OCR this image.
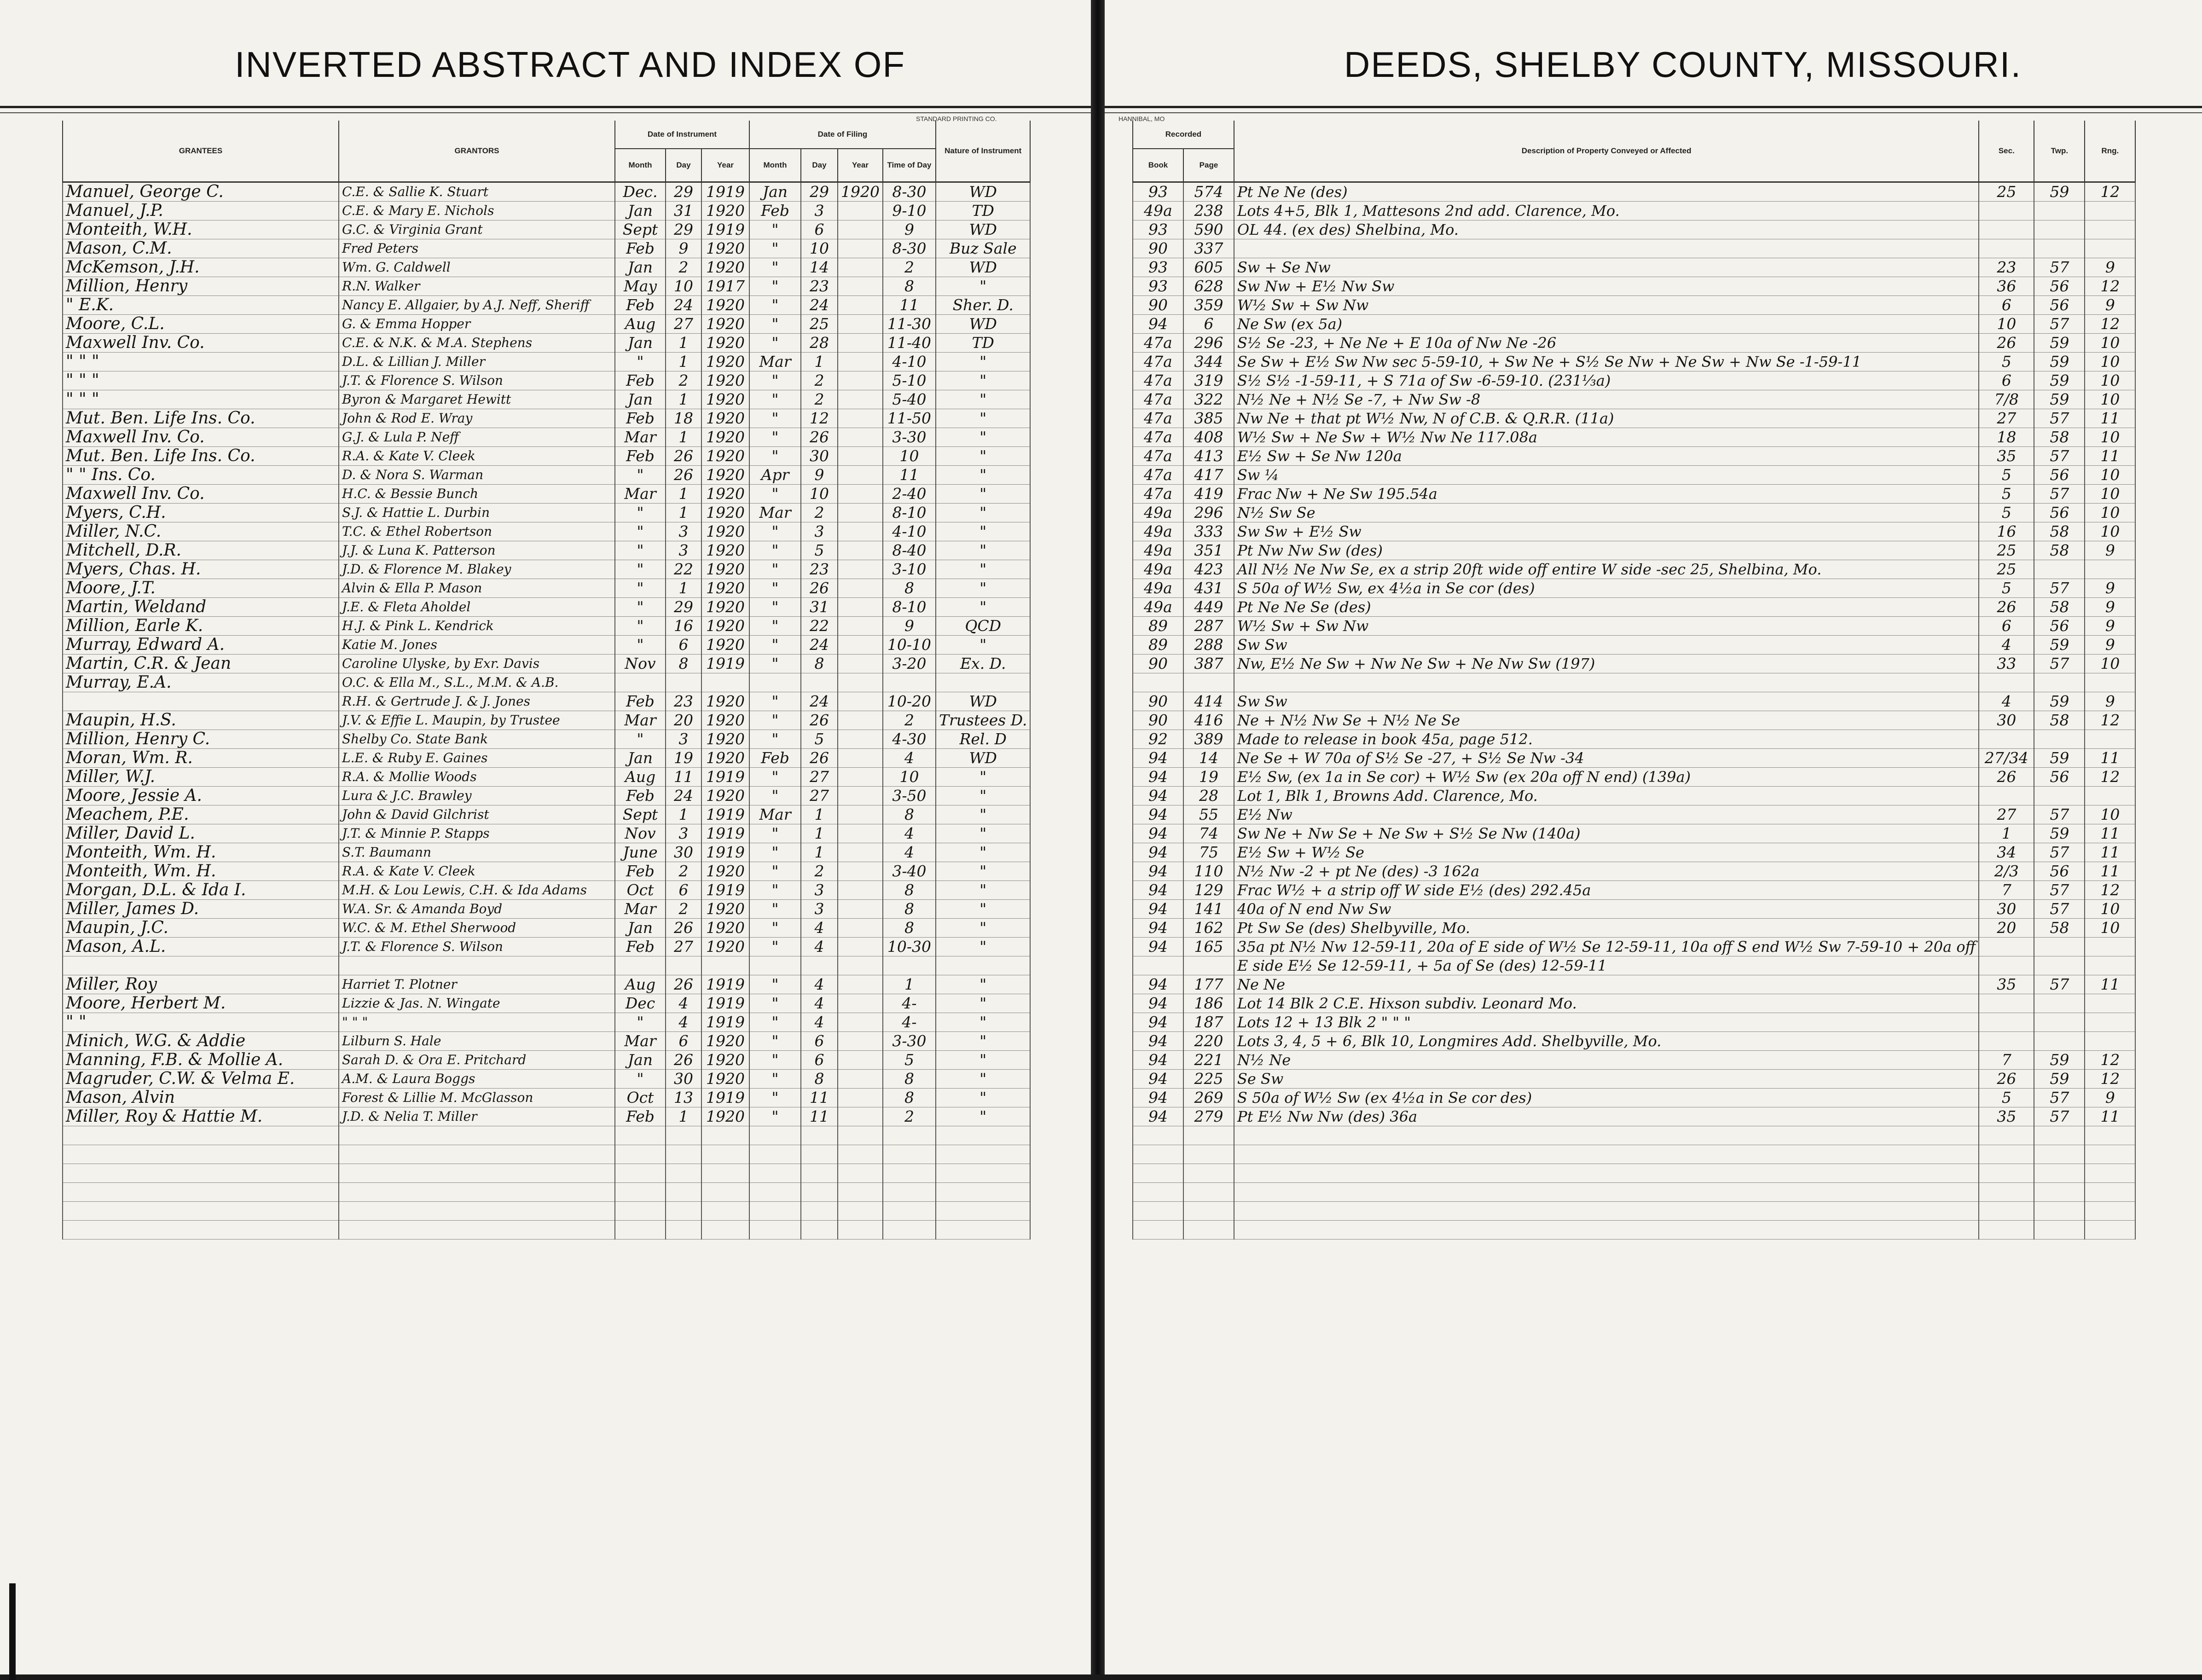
INVERTED ABSTRACT AND INDEX OF
STANDARD PRINTING CO.
GRANTEES	GRANTORS	Date of Instrument			Date of Filing				Nature of Instrument
		Month	Day	Year	Month	Day	Year	Time of Day	
Manuel, George C.	C.E. & Sallie K. Stuart	Dec.	29	1919	Jan	29	1920	8-30	WD
Manuel, J.P.	C.E. & Mary E. Nichols	Jan	31	1920	Feb	3		9-10	TD
Monteith, W.H.	G.C. & Virginia Grant	Sept	29	1919	"	6		9	WD
Mason, C.M.	Fred Peters	Feb	9	1920	"	10		8-30	Buz Sale
McKemson, J.H.	Wm. G. Caldwell	Jan	2	1920	"	14		2	WD
Million, Henry	R.N. Walker	May	10	1917	"	23		8	"
" E.K.	Nancy E. Allgaier, by A.J. Neff, Sheriff	Feb	24	1920	"	24		11	Sher. D.
Moore, C.L.	G. & Emma Hopper	Aug	27	1920	"	25		11-30	WD
Maxwell Inv. Co.	C.E. & N.K. & M.A. Stephens	Jan	1	1920	"	28		11-40	TD
" " "	D.L. & Lillian J. Miller	"	1	1920	Mar	1		4-10	"
" " "	J.T. & Florence S. Wilson	Feb	2	1920	"	2		5-10	"
" " "	Byron & Margaret Hewitt	Jan	1	1920	"	2		5-40	"
Mut. Ben. Life Ins. Co.	John & Rod E. Wray	Feb	18	1920	"	12		11-50	"
Maxwell Inv. Co.	G.J. & Lula P. Neff	Mar	1	1920	"	26		3-30	"
Mut. Ben. Life Ins. Co.	R.A. & Kate V. Cleek	Feb	26	1920	"	30		10	"
" " Ins. Co.	D. & Nora S. Warman	"	26	1920	Apr	9		11	"
Maxwell Inv. Co.	H.C. & Bessie Bunch	Mar	1	1920	"	10		2-40	"
Myers, C.H.	S.J. & Hattie L. Durbin	"	1	1920	Mar	2		8-10	"
Miller, N.C.	T.C. & Ethel Robertson	"	3	1920	"	3		4-10	"
Mitchell, D.R.	J.J. & Luna K. Patterson	"	3	1920	"	5		8-40	"
Myers, Chas. H.	J.D. & Florence M. Blakey	"	22	1920	"	23		3-10	"
Moore, J.T.	Alvin & Ella P. Mason	"	1	1920	"	26		8	"
Martin, Weldand	J.E. & Fleta Aholdel	"	29	1920	"	31		8-10	"
Million, Earle K.	H.J. & Pink L. Kendrick	"	16	1920	"	22		9	QCD
Murray, Edward A.	Katie M. Jones	"	6	1920	"	24		10-10	"
Martin, C.R. & Jean	Caroline Ulyske, by Exr. Davis	Nov	8	1919	"	8		3-20	Ex. D.
Murray, E.A.	O.C. & Ella M., S.L., M.M. & A.B.								
	R.H. & Gertrude J. & J. Jones	Feb	23	1920	"	24		10-20	WD
Maupin, H.S.	J.V. & Effie L. Maupin, by Trustee	Mar	20	1920	"	26		2	Trustees D.
Million, Henry C.	Shelby Co. State Bank	"	3	1920	"	5		4-30	Rel. D
Moran, Wm. R.	L.E. & Ruby E. Gaines	Jan	19	1920	Feb	26		4	WD
Miller, W.J.	R.A. & Mollie Woods	Aug	11	1919	"	27		10	"
Moore, Jessie A.	Lura & J.C. Brawley	Feb	24	1920	"	27		3-50	"
Meachem, P.E.	John & David Gilchrist	Sept	1	1919	Mar	1		8	"
Miller, David L.	J.T. & Minnie P. Stapps	Nov	3	1919	"	1		4	"
Monteith, Wm. H.	S.T. Baumann	June	30	1919	"	1		4	"
Monteith, Wm. H.	R.A. & Kate V. Cleek	Feb	2	1920	"	2		3-40	"
Morgan, D.L. & Ida I.	M.H. & Lou Lewis, C.H. & Ida Adams	Oct	6	1919	"	3		8	"
Miller, James D.	W.A. Sr. & Amanda Boyd	Mar	2	1920	"	3		8	"
Maupin, J.C.	W.C. & M. Ethel Sherwood	Jan	26	1920	"	4		8	"
Mason, A.L.	J.T. & Florence S. Wilson	Feb	27	1920	"	4		10-30	"

Miller, Roy	Harriet T. Plotner	Aug	26	1919	"	4		1	"
Moore, Herbert M.	Lizzie & Jas. N. Wingate	Dec	4	1919	"	4		4-	"
" "	" " "	"	4	1919	"	4		4-	"
Minich, W.G. & Addie	Lilburn S. Hale	Mar	6	1920	"	6		3-30	"
Manning, F.B. & Mollie A.	Sarah D. & Ora E. Pritchard	Jan	26	1920	"	6		5	"
Magruder, C.W. & Velma E.	A.M. & Laura Boggs	"	30	1920	"	8		8	"
Mason, Alvin	Forest & Lillie M. McGlasson	Oct	13	1919	"	11		8	"
Miller, Roy & Hattie M.	J.D. & Nelia T. Miller	Feb	1	1920	"	11		2	"

DEEDS, SHELBY COUNTY, MISSOURI.
HANNIBAL, MO
Recorded		Description of Property Conveyed or Affected	Sec.	Twp.	Rng.
Book	Page				
93	574	Pt Ne Ne (des)	25	59	12
49a	238	Lots 4+5, Blk 1, Mattesons 2nd add. Clarence, Mo.			
93	590	OL 44. (ex des) Shelbina, Mo.			
90	337				
93	605	Sw + Se Nw	23	57	9
93	628	Sw Nw + E½ Nw Sw	36	56	12
90	359	W½ Sw + Sw Nw	6	56	9
94	6	Ne Sw (ex 5a)	10	57	12
47a	296	S½ Se -23, + Ne Ne + E 10a of Nw Ne -26	26	59	10
47a	344	Se Sw + E½ Sw Nw sec 5-59-10, + Sw Ne + S½ Se Nw + Ne Sw + Nw Se -1-59-11	5	59	10
47a	319	S½ S½ -1-59-11, + S 71a of Sw -6-59-10. (231⅓a)	6	59	10
47a	322	N½ Ne + N½ Se -7, + Nw Sw -8	7/8	59	10
47a	385	Nw Ne + that pt W½ Nw, N of C.B. & Q.R.R. (11a)	27	57	11
47a	408	W½ Sw + Ne Sw + W½ Nw Ne 117.08a	18	58	10
47a	413	E½ Sw + Se Nw 120a	35	57	11
47a	417	Sw ¼	5	56	10
47a	419	Frac Nw + Ne Sw 195.54a	5	57	10
49a	296	N½ Sw Se	5	56	10
49a	333	Sw Sw + E½ Sw	16	58	10
49a	351	Pt Nw Nw Sw (des)	25	58	9
49a	423	All N½ Ne Nw Se, ex a strip 20ft wide off entire W side -sec 25, Shelbina, Mo.	25		
49a	431	S 50a of W½ Sw, ex 4½a in Se cor (des)	5	57	9
49a	449	Pt Ne Ne Se (des)	26	58	9
89	287	W½ Sw + Sw Nw	6	56	9
89	288	Sw Sw	4	59	9
90	387	Nw, E½ Ne Sw + Nw Ne Sw + Ne Nw Sw (197)	33	57	10

90	414	Sw Sw	4	59	9
90	416	Ne + N½ Nw Se + N½ Ne Se	30	58	12
92	389	Made to release in book 45a, page 512.			
94	14	Ne Se + W 70a of S½ Se -27, + S½ Se Nw -34	27/34	59	11
94	19	E½ Sw, (ex 1a in Se cor) + W½ Sw (ex 20a off N end) (139a)	26	56	12
94	28	Lot 1, Blk 1, Browns Add. Clarence, Mo.			
94	55	E½ Nw	27	57	10
94	74	Sw Ne + Nw Se + Ne Sw + S½ Se Nw (140a)	1	59	11
94	75	E½ Sw + W½ Se	34	57	11
94	110	N½ Nw -2 + pt Ne (des) -3 162a	2/3	56	11
94	129	Frac W½ + a strip off W side E½ (des) 292.45a	7	57	12
94	141	40a of N end Nw Sw	30	57	10
94	162	Pt Sw Se (des) Shelbyville, Mo.	20	58	10
94	165	35a pt N½ Nw 12-59-11, 20a of E side of W½ Se 12-59-11, 10a off S end W½ Sw 7-59-10 + 20a off			
		E side E½ Se 12-59-11, + 5a of Se (des) 12-59-11			
94	177	Ne Ne	35	57	11
94	186	Lot 14 Blk 2 C.E. Hixson subdiv. Leonard Mo.			
94	187	Lots 12 + 13 Blk 2 " " "			
94	220	Lots 3, 4, 5 + 6, Blk 10, Longmires Add. Shelbyville, Mo.			
94	221	N½ Ne	7	59	12
94	225	Se Sw	26	59	12
94	269	S 50a of W½ Sw (ex 4½a in Se cor des)	5	57	9
94	279	Pt E½ Nw Nw (des) 36a	35	57	11
